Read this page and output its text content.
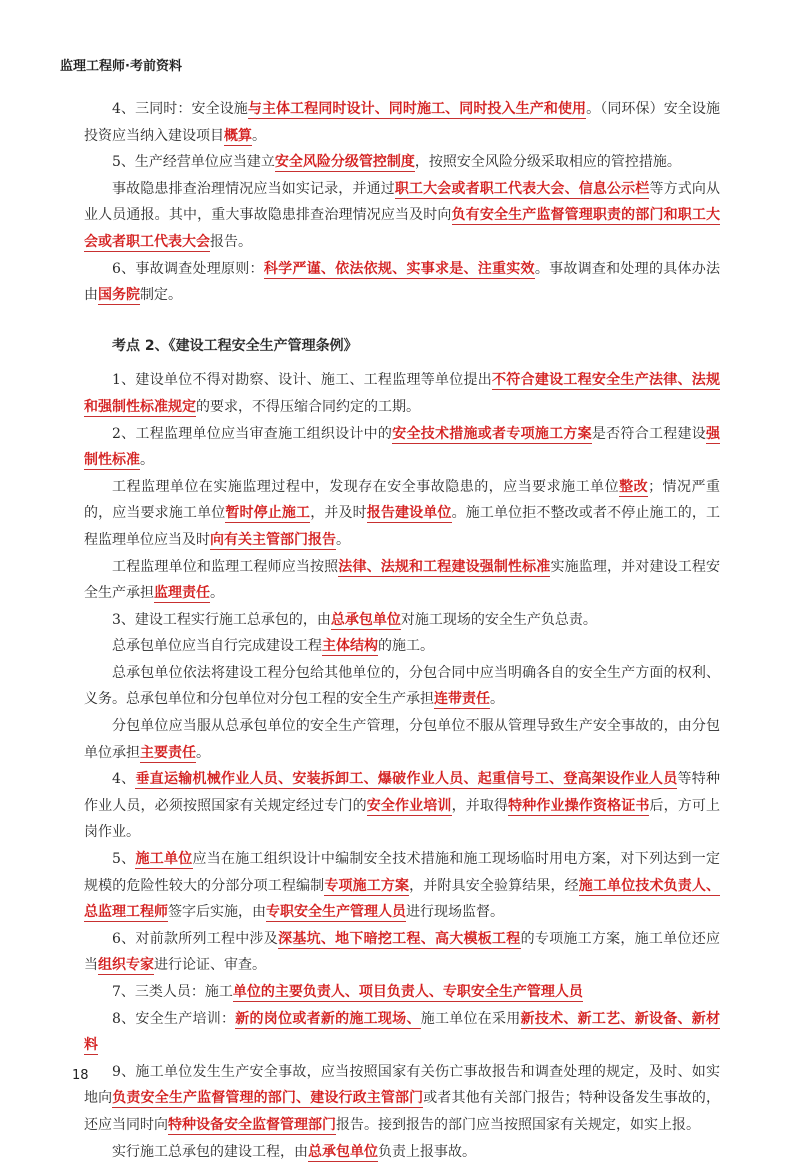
监理工程师·考前资料

4、三同时：安全设施与主体工程同时设计、同时施工、同时投入生产和使用。（同环保）安全设施投资应当纳入建设项目概算。

5、生产经营单位应当建立安全风险分级管控制度，按照安全风险分级采取相应的管控措施。

事故隐患排查治理情况应当如实记录，并通过职工大会或者职工代表大会、信息公示栏等方式向从业人员通报。其中，重大事故隐患排查治理情况应当及时向负有安全生产监督管理职责的部门和职工大会或者职工代表大会报告。

6、事故调查处理原则：科学严谨、依法依规、实事求是、注重实效。事故调查和处理的具体办法由国务院制定。

考点 2、《建设工程安全生产管理条例》

1、建设单位不得对勘察、设计、施工、工程监理等单位提出不符合建设工程安全生产法律、法规和强制性标准规定的要求，不得压缩合同约定的工期。

2、工程监理单位应当审查施工组织设计中的安全技术措施或者专项施工方案是否符合工程建设强制性标准。

工程监理单位在实施监理过程中，发现存在安全事故隐患的，应当要求施工单位整改；情况严重的，应当要求施工单位暂时停止施工，并及时报告建设单位。施工单位拒不整改或者不停止施工的，工程监理单位应当及时向有关主管部门报告。

工程监理单位和监理工程师应当按照法律、法规和工程建设强制性标准实施监理，并对建设工程安全生产承担监理责任。

3、建设工程实行施工总承包的，由总承包单位对施工现场的安全生产负总责。

总承包单位应当自行完成建设工程主体结构的施工。

总承包单位依法将建设工程分包给其他单位的，分包合同中应当明确各自的安全生产方面的权利、义务。总承包单位和分包单位对分包工程的安全生产承担连带责任。

分包单位应当服从总承包单位的安全生产管理，分包单位不服从管理导致生产安全事故的，由分包单位承担主要责任。

4、垂直运输机械作业人员、安装拆卸工、爆破作业人员、起重信号工、登高架设作业人员等特种作业人员，必须按照国家有关规定经过专门的安全作业培训，并取得特种作业操作资格证书后，方可上岗作业。

5、施工单位应当在施工组织设计中编制安全技术措施和施工现场临时用电方案，对下列达到一定规模的危险性较大的分部分项工程编制专项施工方案，并附具安全验算结果，经施工单位技术负责人、总监理工程师签字后实施，由专职安全生产管理人员进行现场监督。

6、对前款所列工程中涉及深基坑、地下暗挖工程、高大模板工程的专项施工方案，施工单位还应当组织专家进行论证、审查。

7、三类人员：施工单位的主要负责人、项目负责人、专职安全生产管理人员

8、安全生产培训：新的岗位或者新的施工现场、施工单位在采用新技术、新工艺、新设备、新材料

9、施工单位发生生产安全事故，应当按照国家有关伤亡事故报告和调查处理的规定，及时、如实地向负责安全生产监督管理的部门、建设行政主管部门或者其他有关部门报告；特种设备发生事故的，还应当同时向特种设备安全监督管理部门报告。接到报告的部门应当按照国家有关规定，如实上报。

实行施工总承包的建设工程，由总承包单位负责上报事故。

18
